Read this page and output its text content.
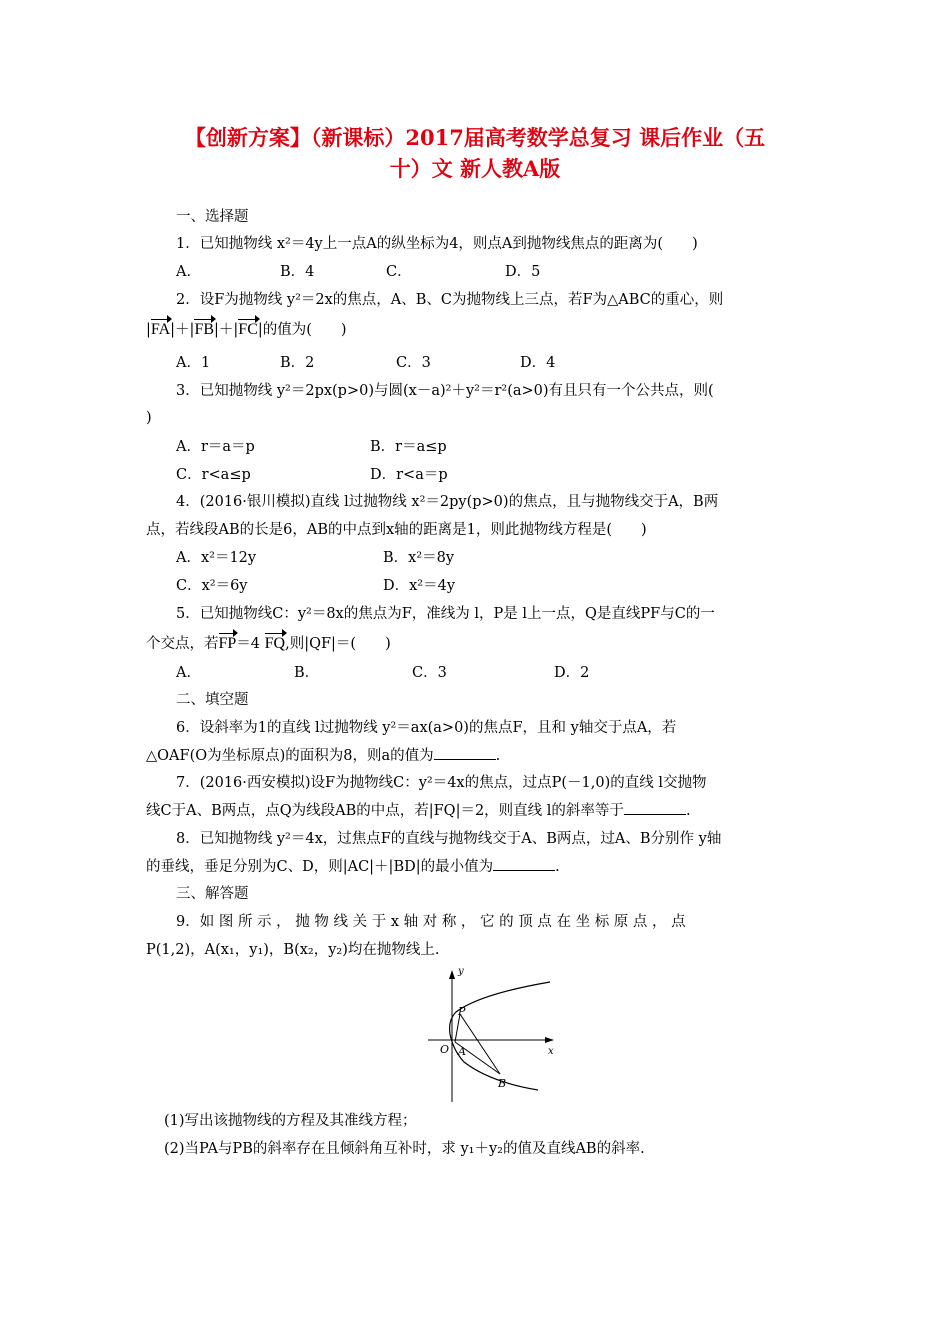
【创新方案】（新课标）2017届高考数学总复习 课后作业（五
十）文 新人教A版
一、选择题
1．已知抛物线 x²＝4y上一点A的纵坐标为4，则点A到抛物线焦点的距离为(　　)
A．	B．4	C．	D．5
2．设F为抛物线 y²＝2x的焦点，A、B、C为抛物线上三点，若F为△ABC的重心，则
|FA|＋|FB|＋|FC|的值为(　　)
A．1	B．2	C．3	D．4
3．已知抛物线 y²＝2px(p>0)与圆(x－a)²＋y²＝r²(a>0)有且只有一个公共点，则(
)
A．r＝a＝p	B．r＝a≤p
C．r<a≤p	D．r<a＝p
4．(2016·银川模拟)直线 l过抛物线 x²＝2py(p>0)的焦点，且与抛物线交于A，B两
点，若线段AB的长是6，AB的中点到x轴的距离是1，则此抛物线方程是(　　)
A．x²＝12y	B．x²＝8y
C．x²＝6y	D．x²＝4y
5．已知抛物线C：y²＝8x的焦点为F，准线为 l，P是 l上一点，Q是直线PF与C的一
个交点，若FP＝4 FQ,则|QF|＝(　　)
A．	B．	C．3	D．2
二、填空题
6．设斜率为1的直线 l过抛物线 y²＝ax(a>0)的焦点F，且和 y轴交于点A，若
△OAF(O为坐标原点)的面积为8，则a的值为	.
7．(2016·西安模拟)设F为抛物线C：y²＝4x的焦点，过点P(－1,0)的直线 l交抛物
线C于A、B两点，点Q为线段AB的中点，若|FQ|＝2，则直线 l的斜率等于	.
8．已知抛物线 y²＝4x，过焦点F的直线与抛物线交于A、B两点，过A、B分别作 y轴
的垂线，垂足分别为C、D，则|AC|＋|BD|的最小值为	.
三、解答题
9．如 图 所 示 ， 抛 物 线 关 于 x 轴 对 称 ， 它 的 顶 点 在 坐 标 原 点 ， 点
P(1,2)，A(x₁，y₁)，B(x₂，y₂)均在抛物线上.
y
x
O
P
A
B
(1)写出该抛物线的方程及其准线方程；
(2)当PA与PB的斜率存在且倾斜角互补时，求 y₁＋y₂的值及直线AB的斜率.
